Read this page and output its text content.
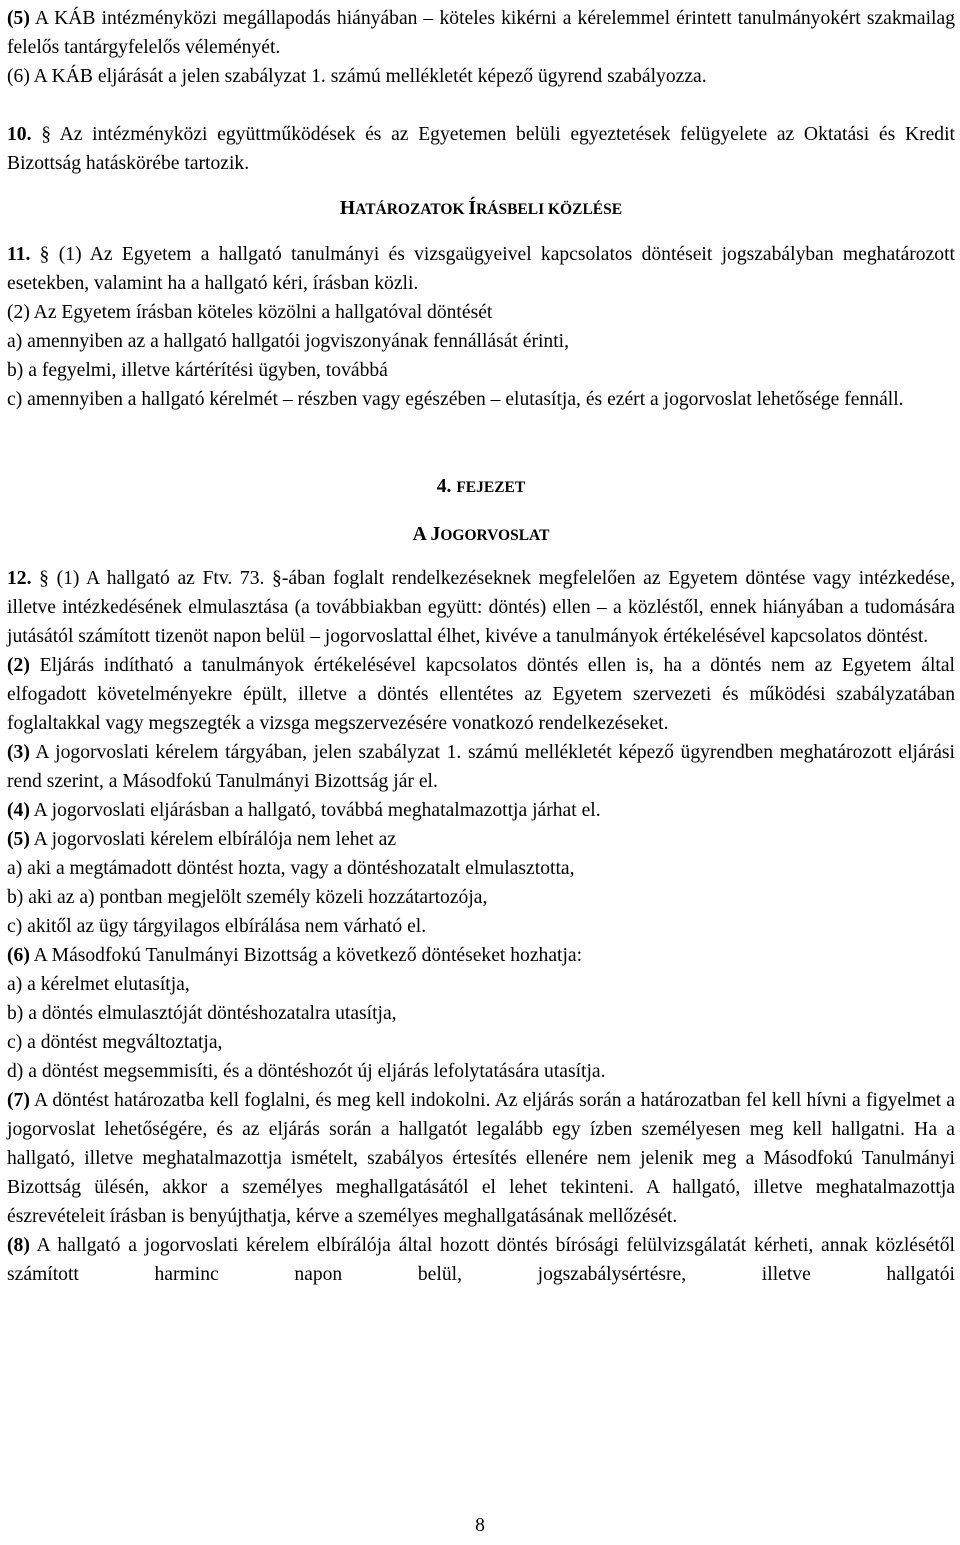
(5) A KÁB intézményközi megállapodás hiányában – köteles kikérni a kérelemmel érintett tanulmányokért szakmailag felelős tantárgyfelelős véleményét.

(6) A KÁB eljárását a jelen szabályzat 1. számú mellékletét képező ügyrend szabályozza.

10. § Az intézményközi együttműködések és az Egyetemen belüli egyeztetések felügyelete az Oktatási és Kredit Bizottság hatáskörébe tartozik.

HATÁROZATOK ÍRÁSBELI KÖZLÉSE

11. § (1) Az Egyetem a hallgató tanulmányi és vizsgaügyeivel kapcsolatos döntéseit jogszabályban meghatározott esetekben, valamint ha a hallgató kéri, írásban közli.

(2) Az Egyetem írásban köteles közölni a hallgatóval döntését

a) amennyiben az a hallgató hallgatói jogviszonyának fennállását érinti,

b) a fegyelmi, illetve kártérítési ügyben, továbbá

c) amennyiben a hallgató kérelmét – részben vagy egészében – elutasítja, és ezért a jogorvoslat lehetősége fennáll.

4. FEJEZET
A JOGORVOSLAT

12. § (1) A hallgató az Ftv. 73. §-ában foglalt rendelkezéseknek megfelelően az Egyetem döntése vagy intézkedése, illetve intézkedésének elmulasztása (a továbbiakban együtt: döntés) ellen – a közléstől, ennek hiányában a tudomására jutásától számított tizenöt napon belül – jogorvoslattal élhet, kivéve a tanulmányok értékelésével kapcsolatos döntést.

(2) Eljárás indítható a tanulmányok értékelésével kapcsolatos döntés ellen is, ha a döntés nem az Egyetem által elfogadott követelményekre épült, illetve a döntés ellentétes az Egyetem szervezeti és működési szabályzatában foglaltakkal vagy megszegték a vizsga megszervezésére vonatkozó rendelkezéseket.

(3) A jogorvoslati kérelem tárgyában, jelen szabályzat 1. számú mellékletét képező ügyrendben meghatározott eljárási rend szerint, a Másodfokú Tanulmányi Bizottság jár el.

(4) A jogorvoslati eljárásban a hallgató, továbbá meghatalmazottja járhat el.

(5) A jogorvoslati kérelem elbírálója nem lehet az

a) aki a megtámadott döntést hozta, vagy a döntéshozatalt elmulasztotta,

b) aki az a) pontban megjelölt személy közeli hozzátartozója,

c) akitől az ügy tárgyilagos elbírálása nem várható el.

(6) A Másodfokú Tanulmányi Bizottság a következő döntéseket hozhatja:

a) a kérelmet elutasítja,

b) a döntés elmulasztóját döntéshozatalra utasítja,

c) a döntést megváltoztatja,

d) a döntést megsemmisíti, és a döntéshozót új eljárás lefolytatására utasítja.

(7) A döntést határozatba kell foglalni, és meg kell indokolni. Az eljárás során a határozatban fel kell hívni a figyelmet a jogorvoslat lehetőségére, és az eljárás során a hallgatót legalább egy ízben személyesen meg kell hallgatni. Ha a hallgató, illetve meghatalmazottja ismételt, szabályos értesítés ellenére nem jelenik meg a Másodfokú Tanulmányi Bizottság ülésén, akkor a személyes meghallgatásától el lehet tekinteni. A hallgató, illetve meghatalmazottja észrevételeit írásban is benyújthatja, kérve a személyes meghallgatásának mellőzését.

(8) A hallgató a jogorvoslati kérelem elbírálója által hozott döntés bírósági felülvizsgálatát kérheti, annak közlésétől számított harminc napon belül, jogszabálysértésre, illetve hallgatói

8
